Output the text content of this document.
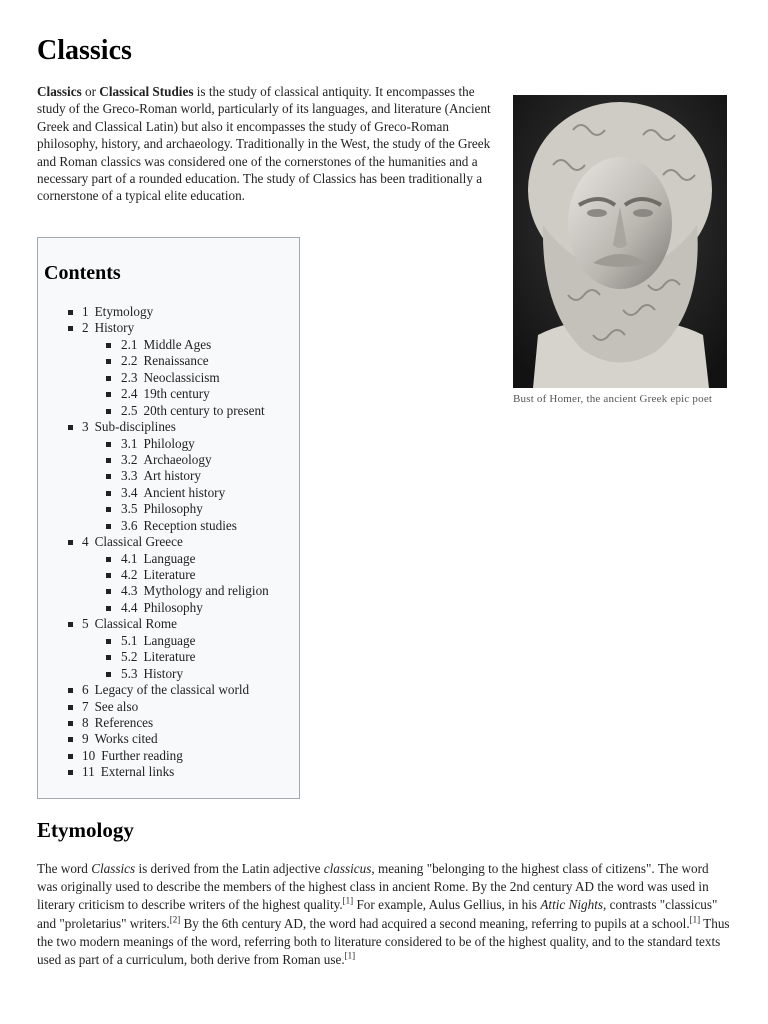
Classics

Classics or Classical Studies is the study of classical antiquity. It encompasses the study of the Greco-Roman world, particularly of its languages, and literature (Ancient Greek and Classical Latin) but also it encompasses the study of Greco-Roman philosophy, history, and archaeology. Traditionally in the West, the study of the Greek and Roman classics was considered one of the cornerstones of the humanities and a necessary part of a rounded education. The study of Classics has been traditionally a cornerstone of a typical elite education.

Bust of Homer, the ancient Greek epic poet
Contents
1 Etymology
2 History
2.1 Middle Ages
2.2 Renaissance
2.3 Neoclassicism
2.4 19th century
2.5 20th century to present
3 Sub-disciplines
3.1 Philology
3.2 Archaeology
3.3 Art history
3.4 Ancient history
3.5 Philosophy
3.6 Reception studies
4 Classical Greece
4.1 Language
4.2 Literature
4.3 Mythology and religion
4.4 Philosophy
5 Classical Rome
5.1 Language
5.2 Literature
5.3 History
6 Legacy of the classical world
7 See also
8 References
9 Works cited
10 Further reading
11 External links
Etymology

The word Classics is derived from the Latin adjective classicus, meaning "belonging to the highest class of citizens". The word was originally used to describe the members of the highest class in ancient Rome. By the 2nd century AD the word was used in literary criticism to describe writers of the highest quality.[1] For example, Aulus Gellius, in his Attic Nights, contrasts "classicus" and "proletarius" writers.[2] By the 6th century AD, the word had acquired a second meaning, referring to pupils at a school.[1] Thus the two modern meanings of the word, referring both to literature considered to be of the highest quality, and to the standard texts used as part of a curriculum, both derive from Roman use.[1]
